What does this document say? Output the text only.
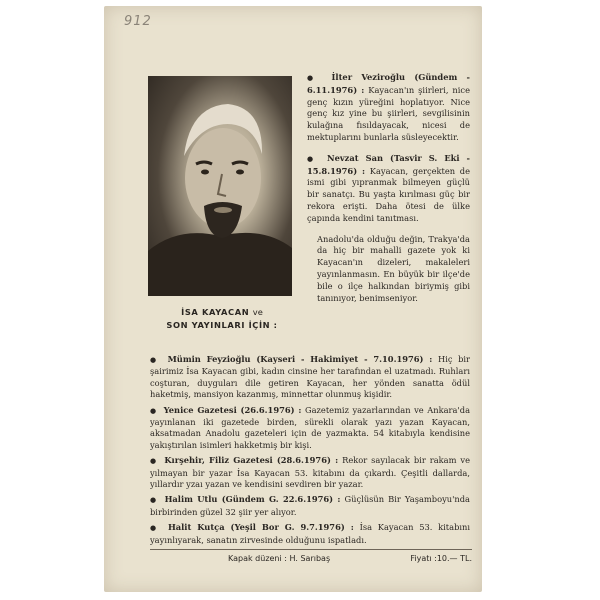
912
İSA KAYACAN ve
SON YAYINLARI İÇİN :

● İlter Veziroğlu (Gündem - 6.11.1976) : Kayacan'ın şiirleri, nice genç kızın yüreğini hoplatıyor. Nice genç kız yine bu şiirleri, sevgilisinin kulağına fısıldayacak, nicesi de mektuplarını bunlarla süsleyecektir.

● Nevzat San (Tasvir S. Eki - 15.8.1976) : Kayacan, gerçekten de ismi gibi yıpranmak bilmeyen güçlü bir sanatçı. Bu yaşta kırılması güç bir rekora erişti. Daha ötesi de ülke çapında kendini tanıtması.

Anadolu'da olduğu değin, Trakya'da da hiç bir mahalli gazete yok ki Kayacan'ın dizeleri, makaleleri yayınlanmasın. En büyük bir ilçe'de bile o ilçe halkından biriymiş gibi tanınıyor, benimseniyor.

● Mümin Feyzioğlu (Kayseri - Hakimiyet - 7.10.1976) : Hiç bir şairimiz İsa Kayacan gibi, kadın cinsine her tarafından el uzatmadı. Ruhları coşturan, duyguları dile getiren Kayacan, her yönden sanatta ödül haketmiş, mansiyon kazanmış, minnettar olunmuş kişidir.

● Yenice Gazetesi (26.6.1976) : Gazetemiz yazarlarından ve Ankara'da yayınlanan iki gazetede birden, sürekli olarak yazı yazan Kayacan, aksatmadan Anadolu gazeteleri için de yazmakta. 54 kitabıyla kendisine yakıştırılan isimleri hakketmiş bir kişi.

● Kırşehir, Filiz Gazetesi (28.6.1976) : Rekor sayılacak bir rakam ve yılmayan bir yazar İsa Kayacan 53. kitabını da çıkardı. Çeşitli dallarda, yıllardır yzaı yazan ve kendisini sevdiren bir yazar.

● Halim Utlu (Gündem G. 22.6.1976) : Güçlüsün Bir Yaşamboyu'nda birbirinden güzel 32 şiir yer alıyor.

● Halit Kutça (Yeşil Bor G. 9.7.1976) : İsa Kayacan 53. kitabını yayınlıyarak, sanatın zirvesinde olduğunu ispatladı.

Kapak düzeni : H. Sarıbaş	Fiyatı :10.— TL.
